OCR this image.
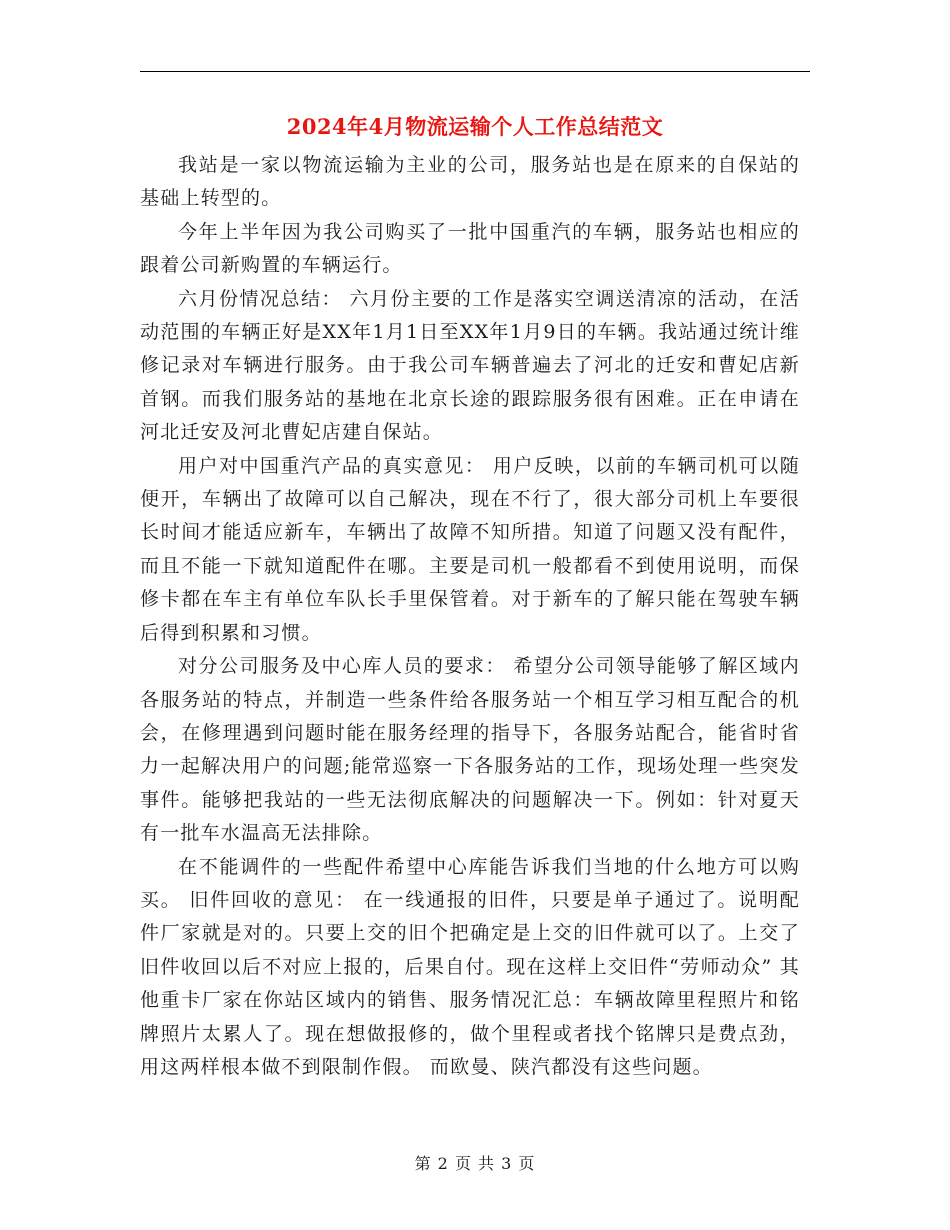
2024年4月物流运输个人工作总结范文

我站是一家以物流运输为主业的公司，服务站也是在原来的自保站的基础上转型的。

今年上半年因为我公司购买了一批中国重汽的车辆，服务站也相应的跟着公司新购置的车辆运行。

六月份情况总结： 六月份主要的工作是落实空调送清凉的活动，在活动范围的车辆正好是XX年1月1日至XX年1月9日的车辆。我站通过统计维修记录对车辆进行服务。由于我公司车辆普遍去了河北的迁安和曹妃店新首钢。而我们服务站的基地在北京长途的跟踪服务很有困难。正在申请在河北迁安及河北曹妃店建自保站。

用户对中国重汽产品的真实意见： 用户反映，以前的车辆司机可以随便开，车辆出了故障可以自己解决，现在不行了，很大部分司机上车要很长时间才能适应新车，车辆出了故障不知所措。知道了问题又没有配件，而且不能一下就知道配件在哪。主要是司机一般都看不到使用说明，而保修卡都在车主有单位车队长手里保管着。对于新车的了解只能在驾驶车辆后得到积累和习惯。

对分公司服务及中心库人员的要求： 希望分公司领导能够了解区域内各服务站的特点，并制造一些条件给各服务站一个相互学习相互配合的机会，在修理遇到问题时能在服务经理的指导下，各服务站配合，能省时省力一起解决用户的问题;能常巡察一下各服务站的工作，现场处理一些突发事件。能够把我站的一些无法彻底解决的问题解决一下。例如：针对夏天有一批车水温高无法排除。

在不能调件的一些配件希望中心库能告诉我们当地的什么地方可以购买。 旧件回收的意见： 在一线通报的旧件，只要是单子通过了。说明配件厂家就是对的。只要上交的旧个把确定是上交的旧件就可以了。上交了旧件收回以后不对应上报的，后果自付。现在这样上交旧件“劳师动众” 其他重卡厂家在你站区域内的销售、服务情况汇总：车辆故障里程照片和铭牌照片太累人了。现在想做报修的，做个里程或者找个铭牌只是费点劲，用这两样根本做不到限制作假。 而欧曼、陕汽都没有这些问题。

第 2 页 共 3 页
